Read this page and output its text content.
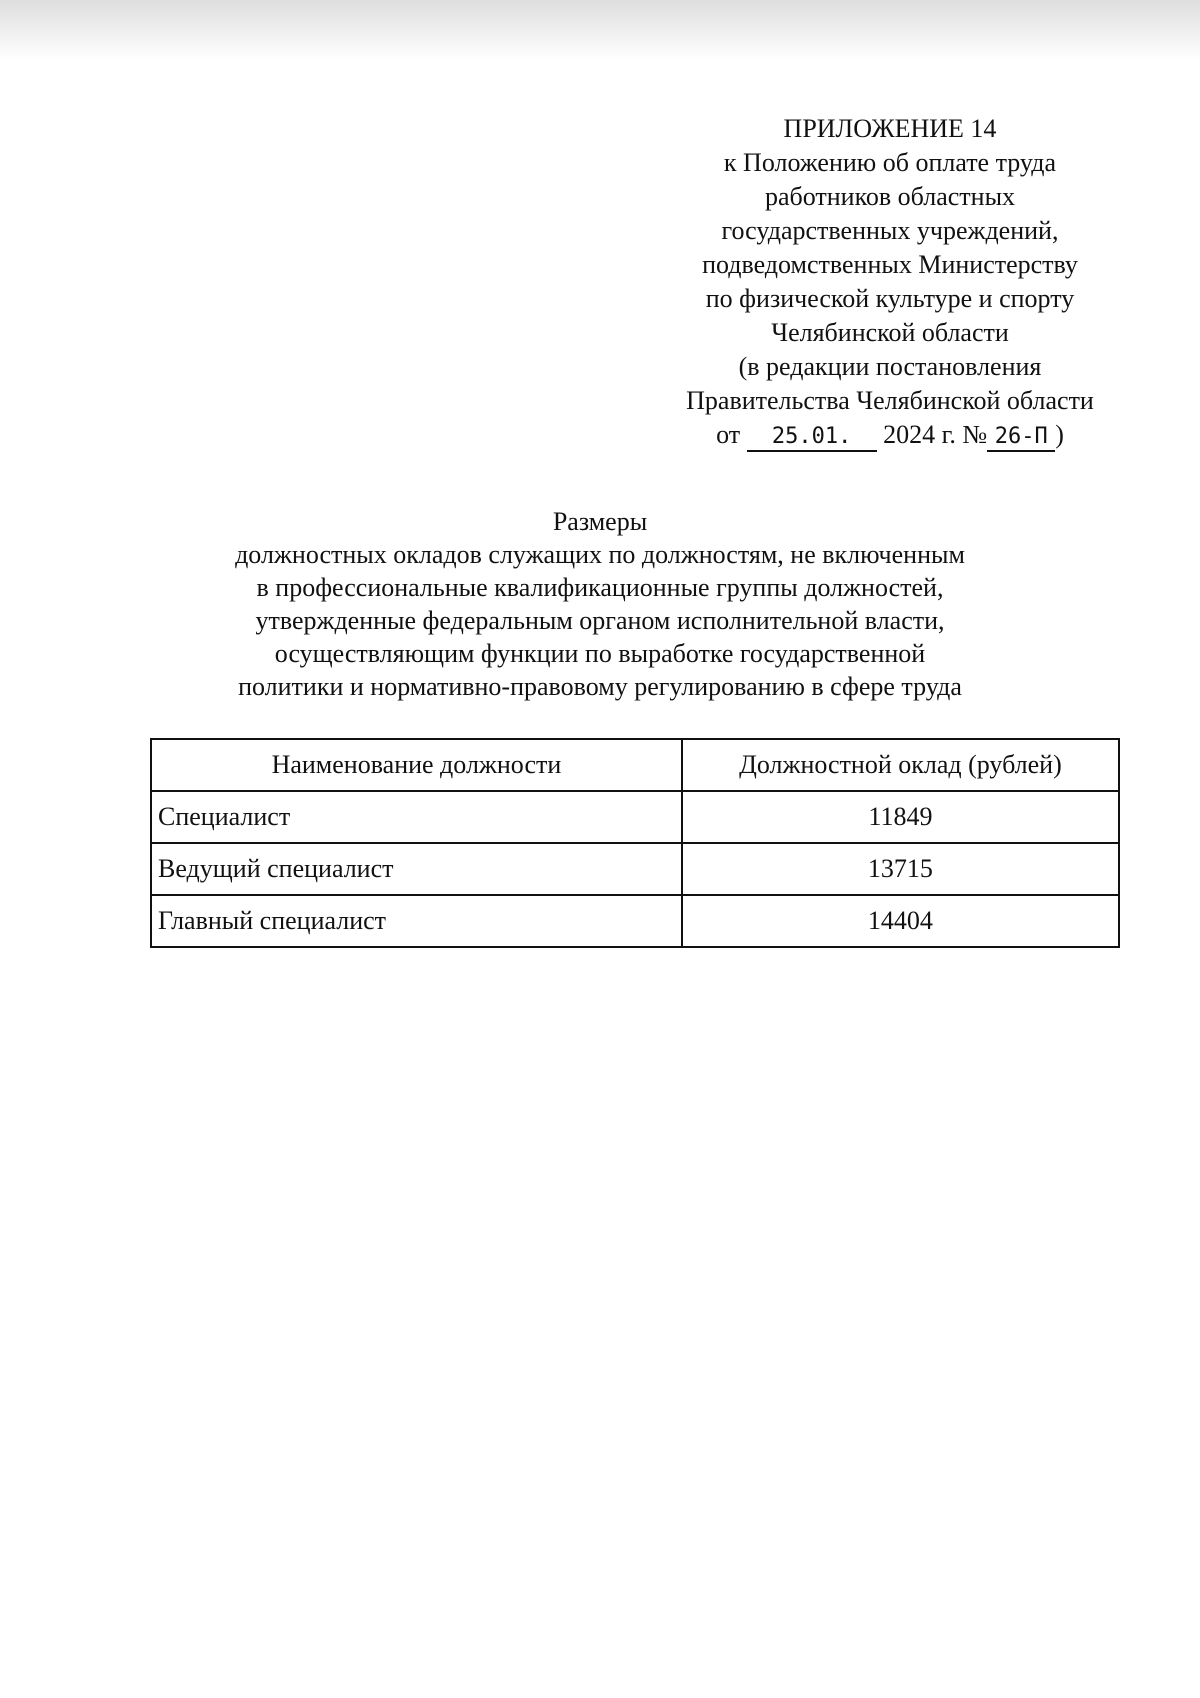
ПРИЛОЖЕНИЕ 14
к Положению об оплате труда
работников областных
государственных учреждений,
подведомственных Министерству
по физической культуре и спорту
Челябинской области
(в редакции постановления
Правительства Челябинской области
от 25.01. 2024 г. № 26-П )
Размеры
должностных окладов служащих по должностям, не включенным
в профессиональные квалификационные группы должностей,
утвержденные федеральным органом исполнительной власти,
осуществляющим функции по выработке государственной
политики и нормативно-правовому регулированию в сфере труда
Наименование должности	Должностной оклад (рублей)
Специалист	11849
Ведущий специалист	13715
Главный специалист	14404
